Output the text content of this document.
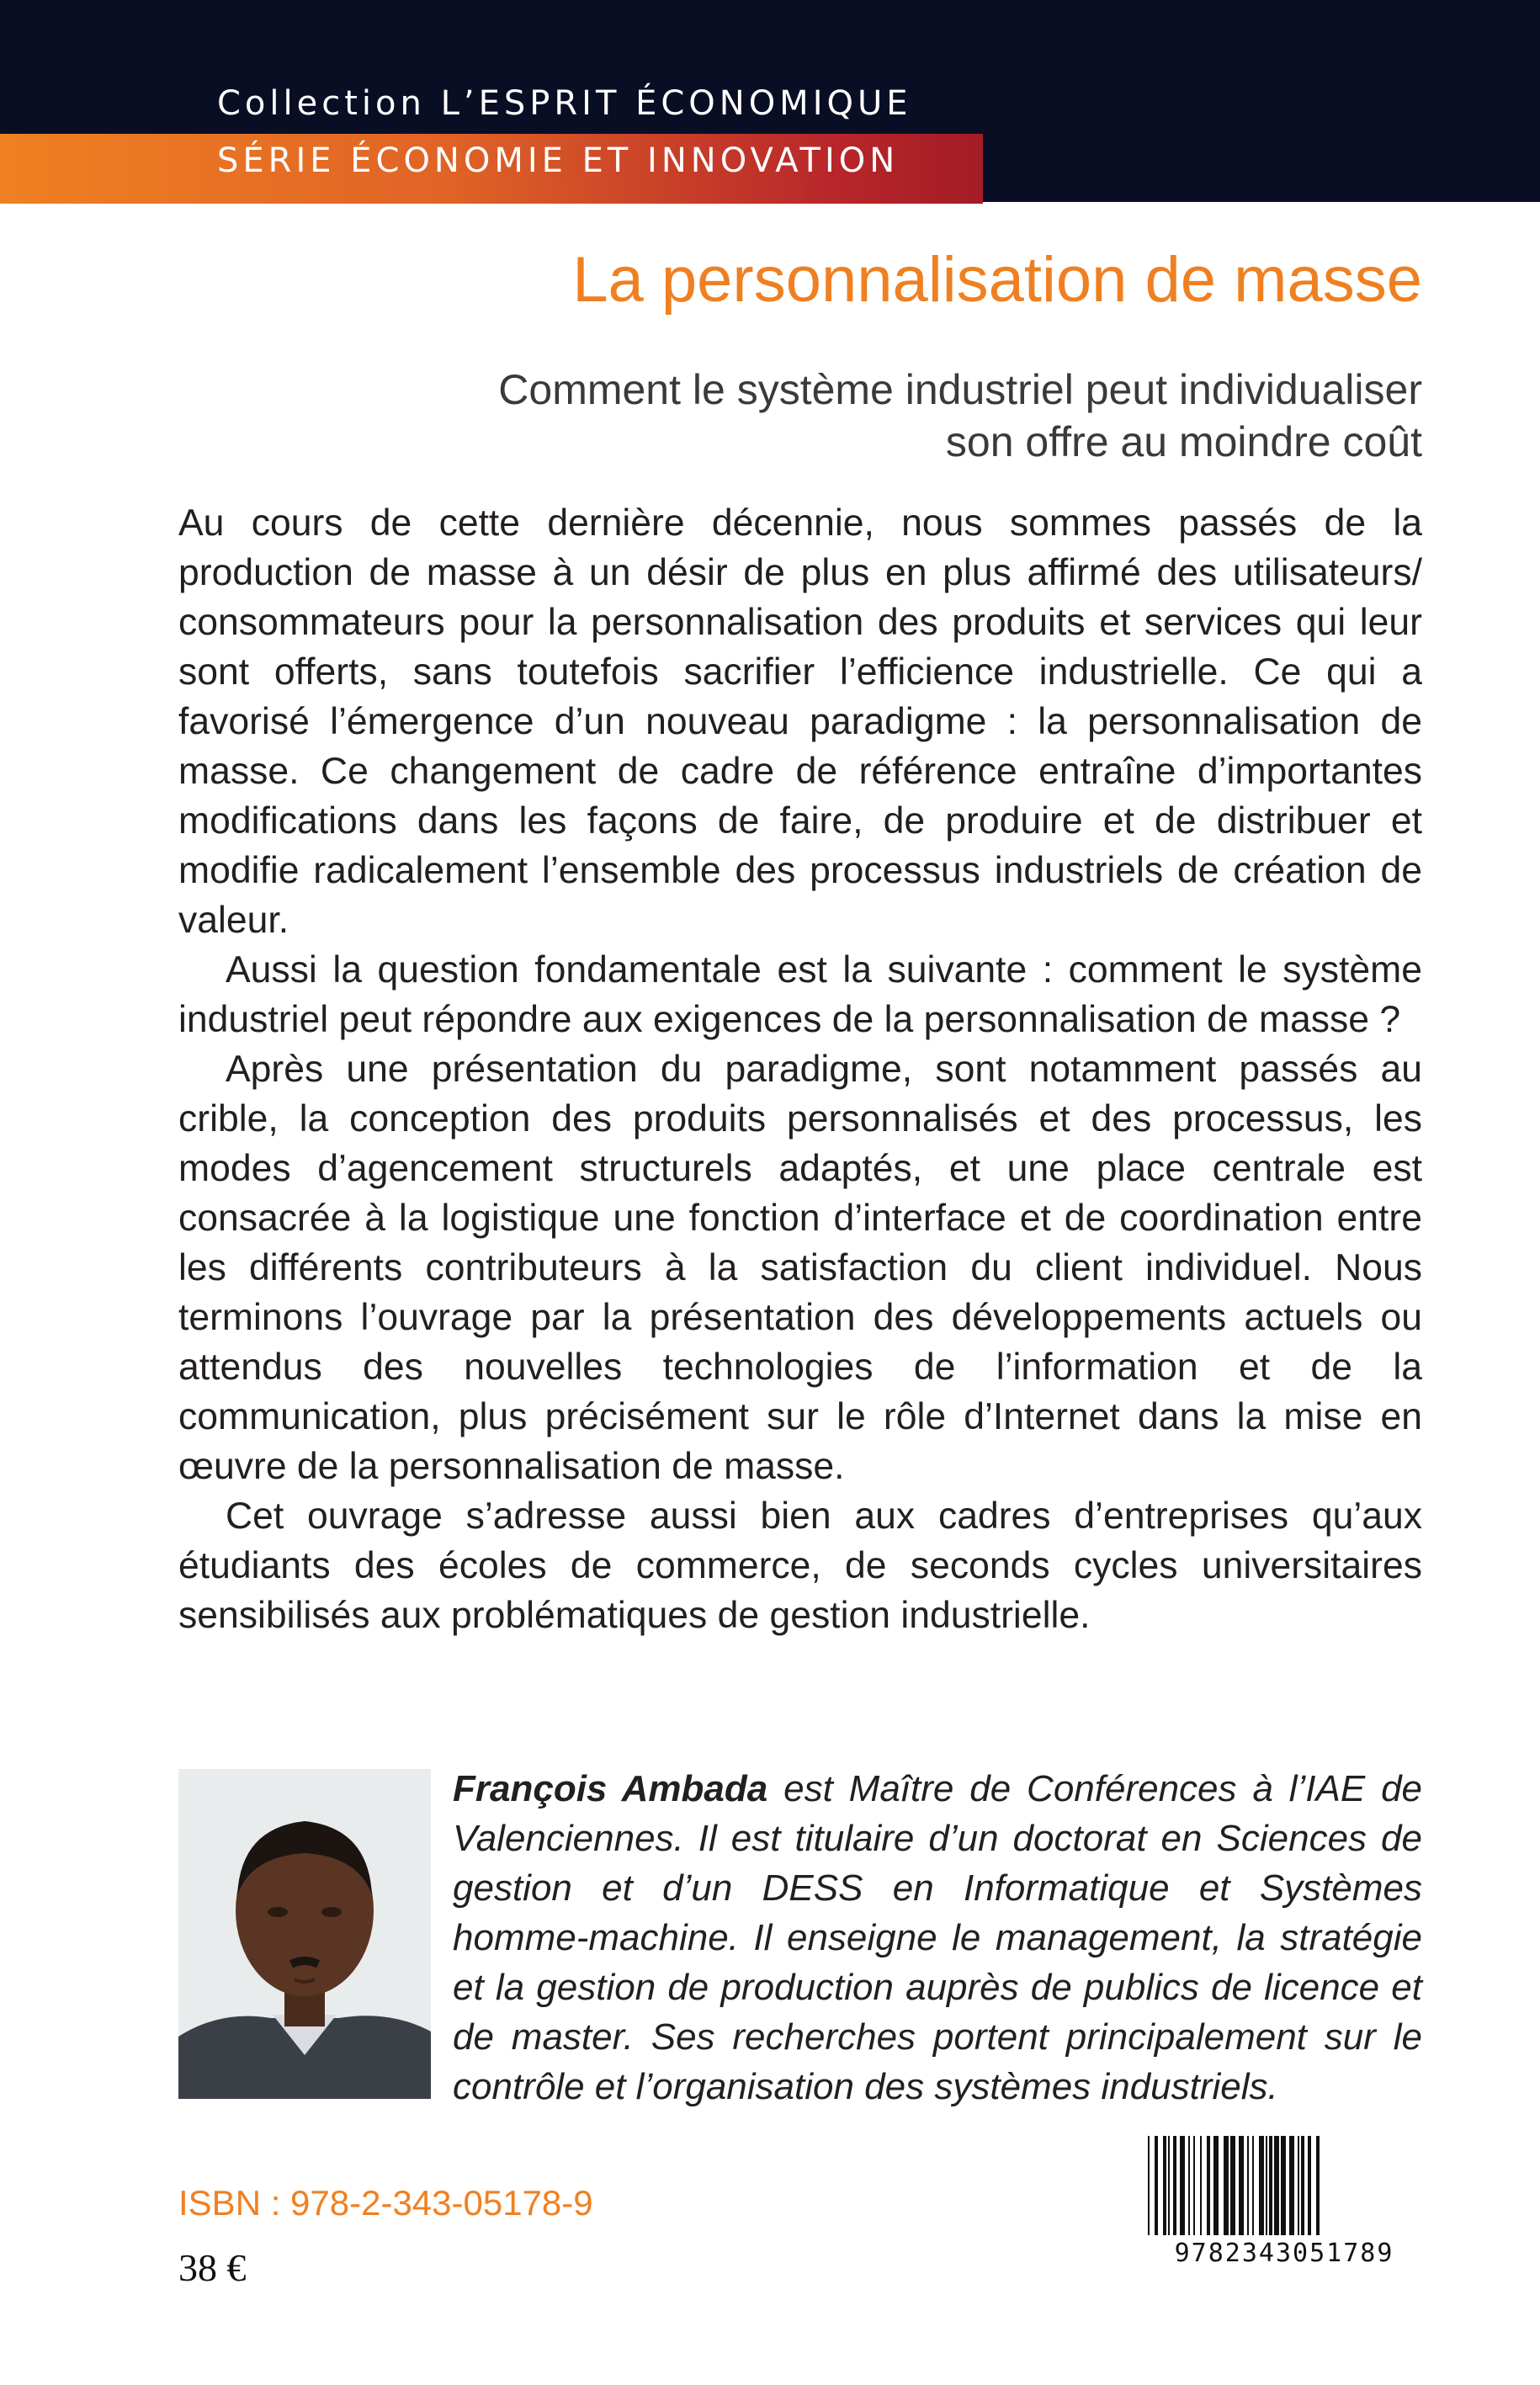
Collection L’ESPRIT ÉCONOMIQUE
SÉRIE ÉCONOMIE ET INNOVATION
La personnalisation de masse
Comment le système industriel peut individualiser
son offre au moindre coût

Au cours de cette dernière décennie, nous sommes passés de la production de masse à un désir de plus en plus affirmé des utilisateurs/ consommateurs pour la personnalisation des produits et services qui leur sont offerts, sans toutefois sacrifier l’efficience industrielle. Ce qui a favorisé l’émergence d’un nouveau paradigme : la personnalisation de masse. Ce changement de cadre de référence entraîne d’importantes modifications dans les façons de faire, de produire et de distribuer et modifie radicalement l’ensemble des processus industriels de création de valeur.

Aussi la question fondamentale est la suivante : comment le système industriel peut répondre aux exigences de la personnalisation de masse ?

Après une présentation du paradigme, sont notamment passés au crible, la conception des produits personnalisés et des processus, les modes d’agencement structurels adaptés, et une place centrale est consacrée à la logistique une fonction d’interface et de coordination entre les différents contributeurs à la satisfaction du client individuel. Nous terminons l’ouvrage par la présentation des développements actuels ou attendus des nouvelles technologies de l’information et de la communication, plus précisément sur le rôle d’Internet dans la mise en œuvre de la personnalisation de masse.

Cet ouvrage s’adresse aussi bien aux cadres d’entreprises qu’aux étudiants des écoles de commerce, de seconds cycles universitaires sensibilisés aux problématiques de gestion industrielle.

François Ambada est Maître de Conférences à l’IAE de Valenciennes. Il est titulaire d’un doctorat en Sciences de gestion et d’un DESS en Informatique et Systèmes homme-machine. Il enseigne le management, la stratégie et la gestion de production auprès de publics de licence et de master. Ses recherches portent principalement sur le contrôle et l’organisation des systèmes industriels.
ISBN : 978-2-343-05178-9
38 €	9782343051789
